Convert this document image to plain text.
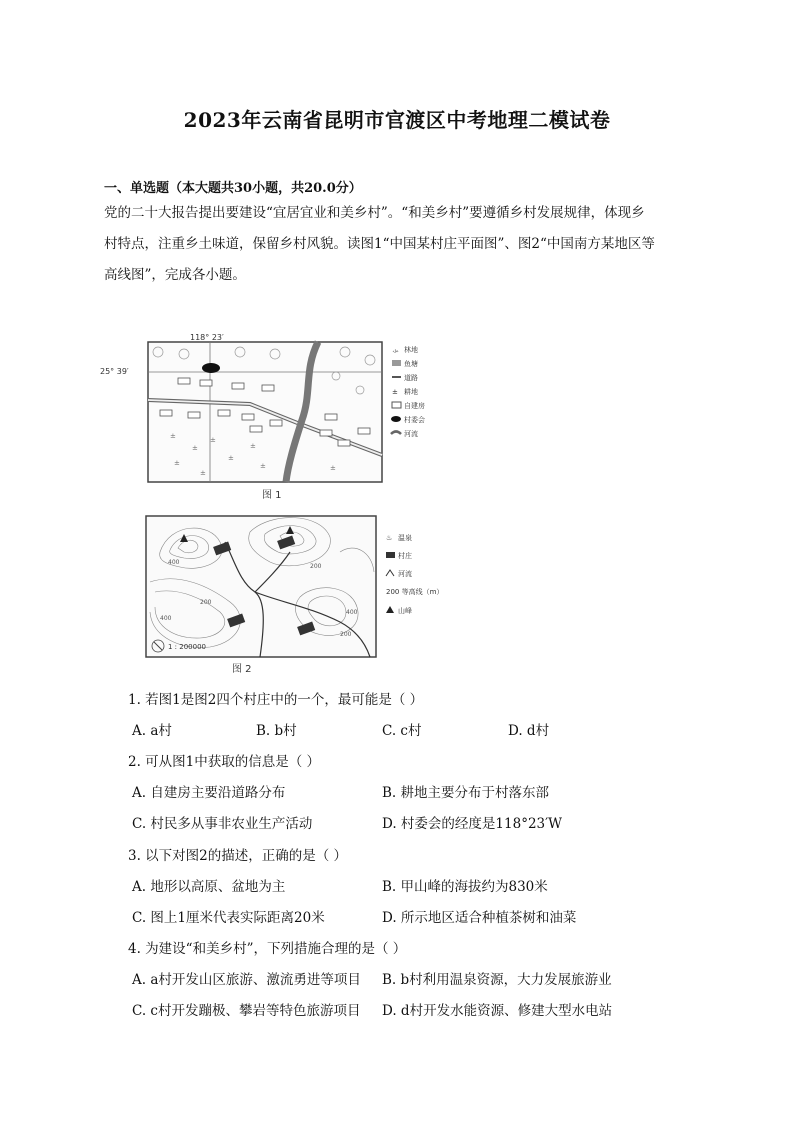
2023年云南省昆明市官渡区中考地理二模试卷
一、单选题（本大题共30小题，共20.0分）

党的二十大报告提出要建设“宜居宜业和美乡村”。“和美乡村”要遵循乡村发展规律，体现乡

村特点，注重乡土味道，保留乡村风貌。读图1“中国某村庄平面图”、图2“中国南方某地区等

高线图”，完成各小题。

118° 23′
25° 39′
±
±
±
±
±
±
±
±
±
⺗ 林地
鱼塘
道路
± 耕地
自建房
村委会
河流
图 1
400
400
400
200
200
200
1 : 200000
♨ 温泉
村庄
河流
200 等高线（m）
山峰
图 2
1. 若图1是图2四个村庄中的一个，最可能是（ ）
A. a村	B. b村	C. c村	D. d村
2. 可从图1中获取的信息是（ ）
A. 自建房主要沿道路分布	B. 耕地主要分布于村落东部
C. 村民多从事非农业生产活动	D. 村委会的经度是118°23′W
3. 以下对图2的描述，正确的是（ ）
A. 地形以高原、盆地为主	B. 甲山峰的海拔约为830米
C. 图上1厘米代表实际距离20米	D. 所示地区适合种植茶树和油菜
4. 为建设“和美乡村”，下列措施合理的是（ ）
A. a村开发山区旅游、激流勇进等项目 B. b村利用温泉资源，大力发展旅游业
C. c村开发蹦极、攀岩等特色旅游项目 D. d村开发水能资源、修建大型水电站
